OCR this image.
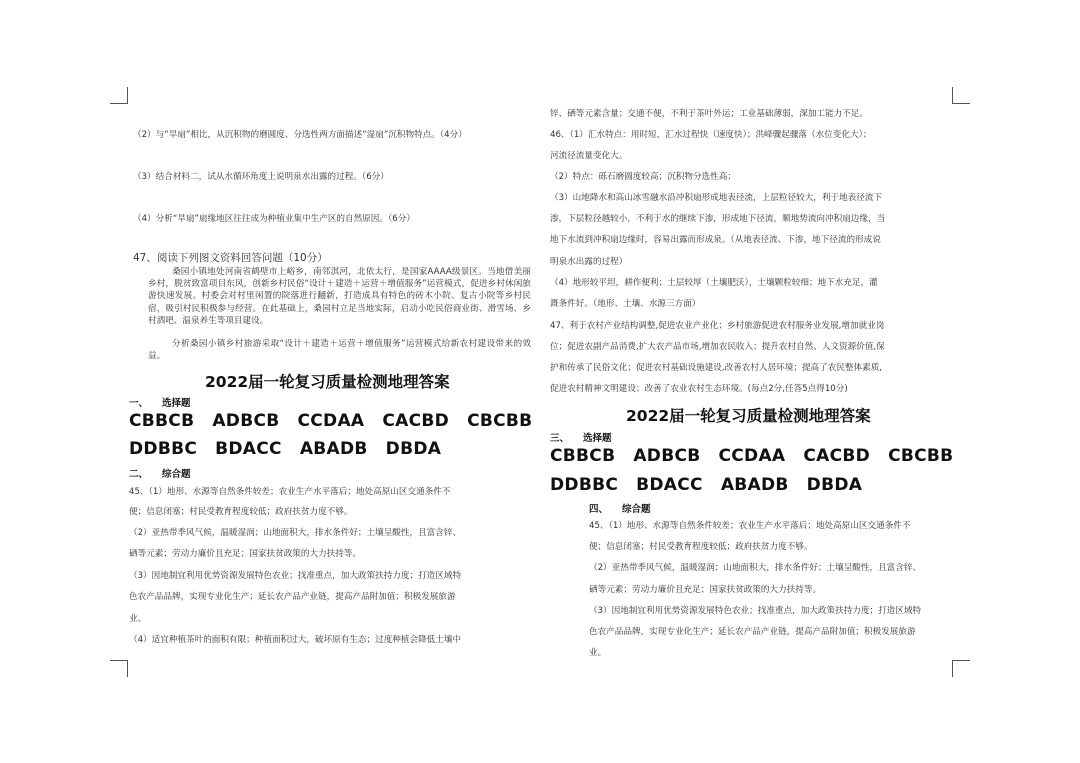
（2）与“旱扇”相比，从沉积物的磨圆度、分选性两方面描述“湿扇”沉积物特点。（4分）
（3）结合材料二，试从水循环角度上说明泉水出露的过程。（6分）
（4）分析“旱扇”扇缘地区往往成为种植业集中生产区的自然原因。（6分）
47、阅读下列图文资料回答问题（10分）
桑园小镇地处河南省鹤壁市上峪乡，南邻淇河，北依太行，是国家AAAA级景区。当地借美丽乡村，脱贫致富项目东风，创新乡村民俗“设计＋建造＋运营＋增值服务”运营模式，促进乡村休闲旅游快速发展。村委会对村里闲置的院落进行翻新，打造成具有特色的砖木小院、复古小院等乡村民宿，吸引村民积极参与经营。在此基础上，桑园村立足当地实际，启动小吃民俗商业街、滑雪场、乡村酒吧、温泉养生等项目建设。
分析桑园小镇乡村旅游采取“设计＋建造＋运营＋增值服务”运营模式给新农村建设带来的效益。
2022届一轮复习质量检测地理答案
一、 选择题
CBBCB ADBCB CCDAA CACBD CBCBB
DDBBC BDACC ABADB DBDA
二、 综合题
45、（1）地形、水源等自然条件较差；农业生产水平落后；地处高原山区交通条件不
便；信息闭塞；村民受教育程度较低；政府扶贫力度不够。
（2）亚热带季风气候，温暖湿润；山地面积大，排水条件好；土壤呈酸性，且富含锌、
硒等元素；劳动力廉价且充足；国家扶贫政策的大力扶持等。
（3）因地制宜利用优势资源发展特色农业；找准重点，加大政策扶持力度；打造区域特
色农产品品牌，实现专业化生产；延长农产品产业链，提高产品附加值；积极发展旅游
业。
（4）适宜种植茶叶的面积有限；种植面积过大，破坏原有生态；过度种植会降低土壤中
锌、硒等元素含量；交通不便，不利于茶叶外运；工业基础薄弱，深加工能力不足。
46、（1）汇水特点：用时短，汇水过程快（速度快）；洪峰骤起骤落（水位变化大）；
河流径流量变化大。
（2）特点：砾石磨圆度较高；沉积物分选性高；
（3）山地降水和高山冰雪融水沿冲积扇形成地表径流，上层粒径较大，利于地表径流下
渗，下层粒径越较小，不利于水的继续下渗，形成地下径流，顺地势流向冲积扇边缘，当
地下水流到冲积扇边缘时，容易出露而形成泉。（从地表径流、下渗，地下径流的形成说
明泉水出露的过程）
（4）地形较平坦，耕作便利；土层较厚（土壤肥沃），土壤颗粒较细；地下水充足，灌
溉条件好。（地形、土壤、水源三方面）
47、利于农村产业结构调整,促进农业产业化；乡村旅游促进农村服务业发展,增加就业岗
位；促进农副产品消费,扩大农产品市场,增加农民收入；提升农村自然、人文资源价值,保
护和传承了民俗文化；促进农村基础设施建设,改善农村人居环境；提高了农民整体素质,
促进农村精神文明建设；改善了农业农村生态环境。(每点2分,任答5点得10分)
2022届一轮复习质量检测地理答案
三、 选择题
CBBCB ADBCB CCDAA CACBD CBCBB
DDBBC BDACC ABADB DBDA
四、 综合题
45、（1）地形、水源等自然条件较差；农业生产水平落后；地处高原山区交通条件不
便；信息闭塞；村民受教育程度较低；政府扶贫力度不够。
（2）亚热带季风气候，温暖湿润；山地面积大，排水条件好；土壤呈酸性，且富含锌、
硒等元素；劳动力廉价且充足；国家扶贫政策的大力扶持等。
（3）因地制宜利用优势资源发展特色农业；找准重点，加大政策扶持力度；打造区域特
色农产品品牌，实现专业化生产；延长农产品产业链，提高产品附加值；积极发展旅游
业。
